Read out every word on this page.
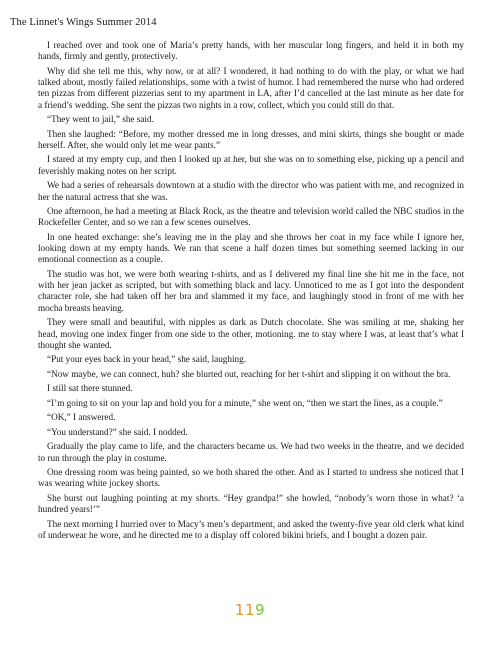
The Linnet's Wings Summer 2014

I reached over and took one of Maria’s pretty hands, with her muscular long fingers, and held it in both my hands, firmly and gently, protectively.

Why did she tell me this, why now, or at all? I wondered, it had nothing to do with the play, or what we had talked about, mostly failed relationships, some with a twist of humor. I had remembered the nurse who had ordered ten pizzas from different pizzerias sent to my apartment in LA, after I’d cancelled at the last minute as her date for a friend’s wedding. She sent the pizzas two nights in a row, collect, which you could still do that.

“They went to jail,” she said.

Then she laughed: “Before, my mother dressed me in long dresses, and mini skirts, things she bought or made herself. After, she would only let me wear pants.”

I stared at my empty cup, and then I looked up at her, but she was on to something else, picking up a pencil and feverishly making notes on her script.

We had a series of rehearsals downtown at a studio with the director who was patient with me, and recognized in her the natural actress that she was.

One afternoon, he had a meeting at Black Rock, as the theatre and television world called the NBC studios in the Rockefeller Center, and so we ran a few scenes ourselves.

In one heated exchange: she’s leaving me in the play and she throws her coat in my face while I ignore her, looking down at my empty hands. We ran that scene a half dozen times but something seemed lacking in our emotional connection as a couple.

The studio was hot, we were both wearing t-shirts, and as I delivered my final line she hit me in the face, not with her jean jacket as scripted, but with something black and lacy. Unnoticed to me as I got into the despondent character role, she had taken off her bra and slammed it my face, and laughingly stood in front of me with her mocha breasts heaving.

They were small and beautiful, with nipples as dark as Dutch chocolate. She was smiling at me, shaking her head, moving one index finger from one side to the other, motioning. me to stay where I was, at least that’s what I thought she wanted.

“Put your eyes back in your head,” she said, laughing.

“Now maybe, we can connect, huh? she blurted out, reaching for her t-shirt and slipping it on without the bra.

I still sat there stunned.

“I’m going to sit on your lap and hold you for a minute,” she went on, “then we start the lines, as a couple.”

“OK,” I answered.

“You understand?” she said. I nodded.

Gradually the play came to life, and the characters became us. We had two weeks in the theatre, and we decided to run through the play in costume.

One dressing room was being painted, so we both shared the other. And as I started to undress she noticed that I was wearing white jockey shorts.

She burst out laughing pointing at my shorts. “Hey grandpa!” she howled, “nobody’s worn those in what? ‘a hundred years!’”

The next morning I hurried over to Macy’s men’s department, and asked the twenty-five year old clerk what kind of underwear he wore, and he directed me to a display off colored bikini briefs, and I bought a dozen pair.

119
